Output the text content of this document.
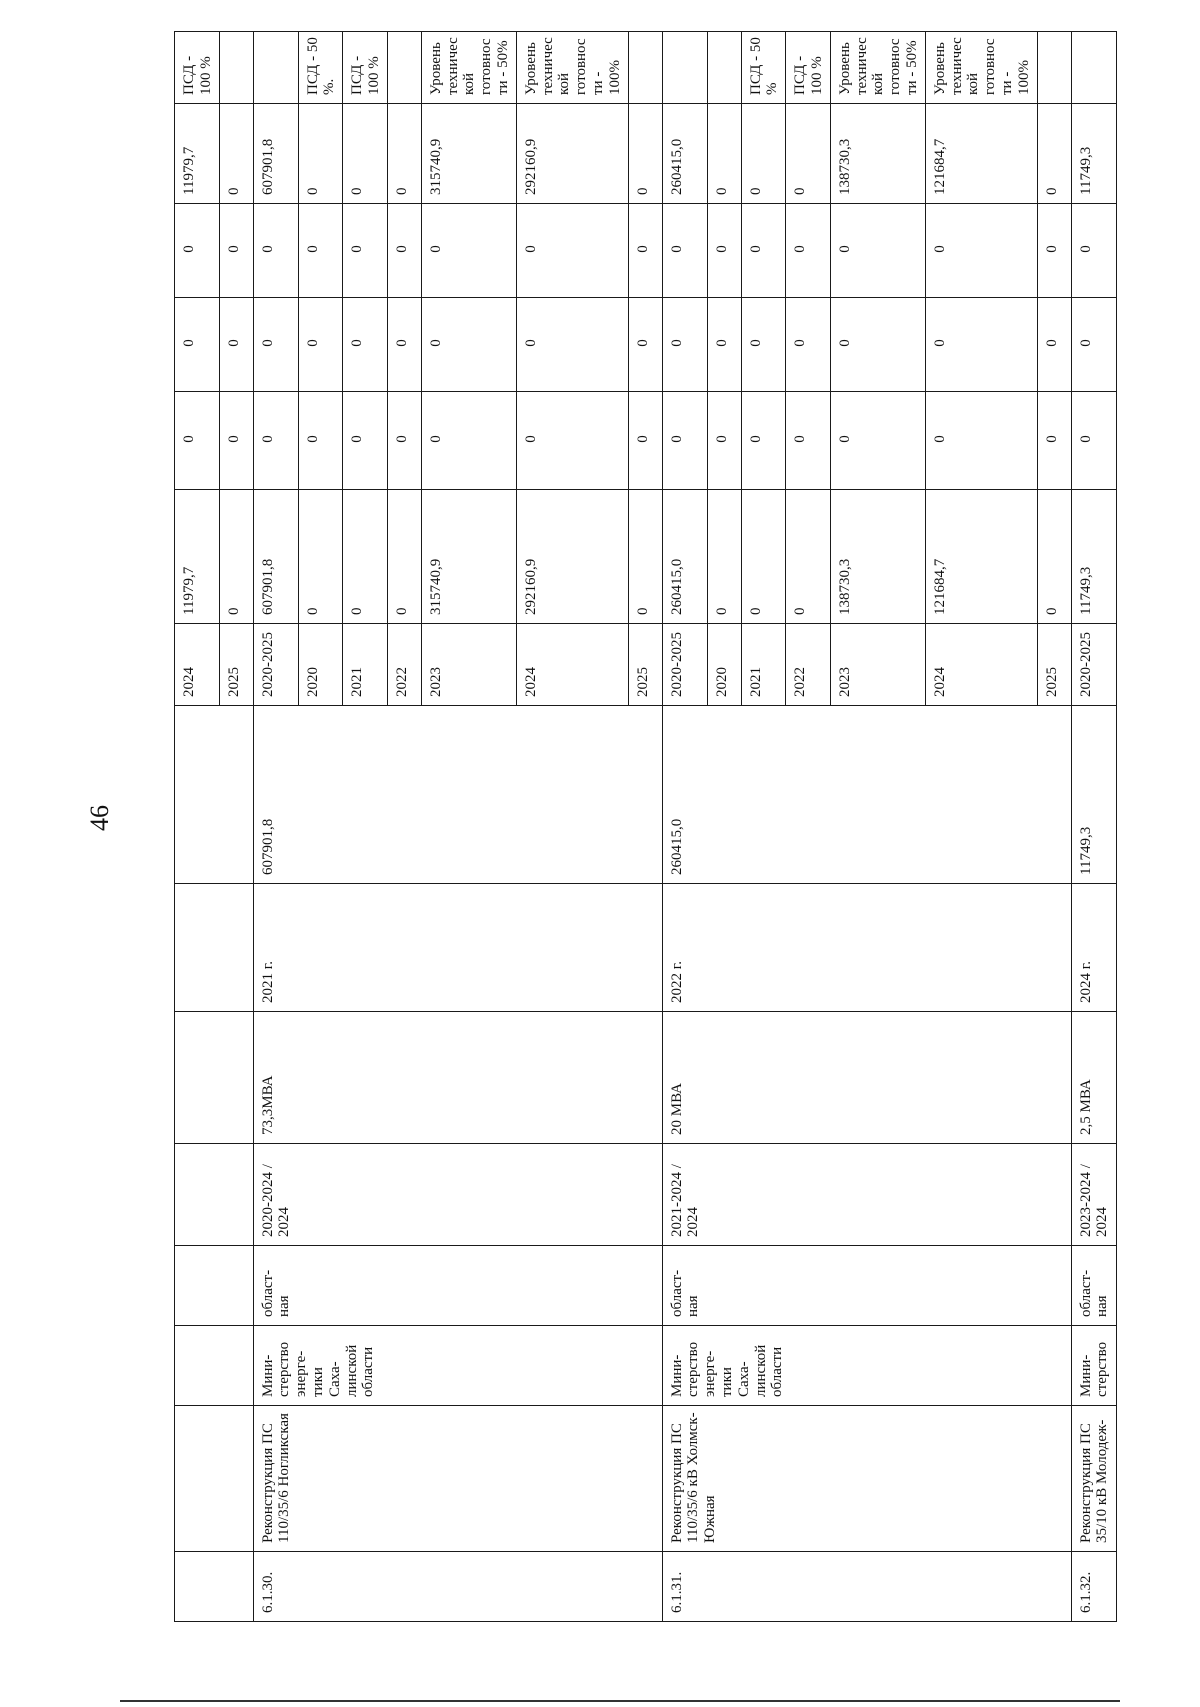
46
								2024	11979,7	0	0	0	11979,7	ПСД - 100 %
								2025	0	0	0	0	0	
6.1.30.	Реконструкция ПС 110/35/6 Ногликская	Мини-стерство энерге-тики Саха-линской области	област-ная	2020-2024 / 2024	73,3МВА	2021 г.	607901,8	2020-2025	607901,8	0	0	0	607901,8	
								2020	0	0	0	0	0	ПСД - 50 %.
								2021	0	0	0	0	0	ПСД - 100 %
								2022	0	0	0	0	0	
								2023	315740,9	0	0	0	315740,9	Уровень технической готовности - 50%
								2024	292160,9	0	0	0	292160,9	Уровень технической готовности - 100%
								2025	0	0	0	0	0	
6.1.31.	Реконструкция ПС 110/35/6 кВ Холмск-Южная	Мини-стерство энерге-тики Саха-линской области	област-ная	2021-2024 / 2024	20 МВА	2022 г.	260415,0	2020-2025	260415,0	0	0	0	260415,0	
								2020	0	0	0	0	0	
								2021	0	0	0	0	0	ПСД - 50 %
								2022	0	0	0	0	0	ПСД - 100 %
								2023	138730,3	0	0	0	138730,3	Уровень технической готовности - 50%
								2024	121684,7	0	0	0	121684,7	Уровень технической готовности - 100%
								2025	0	0	0	0	0	
6.1.32.	Реконструкция ПС 35/10 кВ Молодеж-	Мини-стерство	област-ная	2023-2024 / 2024	2,5 МВА	2024 г.	11749,3	2020-2025	11749,3	0	0	0	11749,3	
